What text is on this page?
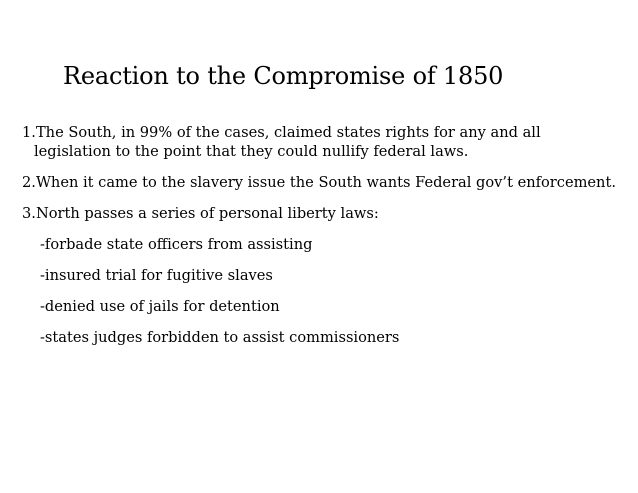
Reaction to the Compromise of 1850
1.The South, in 99% of the cases, claimed states rights for any and all legislation to the point that they could nullify federal laws.
2.When it came to the slavery issue the South wants Federal gov’t enforcement.
3.North passes a series of personal liberty laws:
-forbade state officers from assisting
-insured trial for fugitive slaves
-denied use of jails for detention
-states judges forbidden to assist commissioners
